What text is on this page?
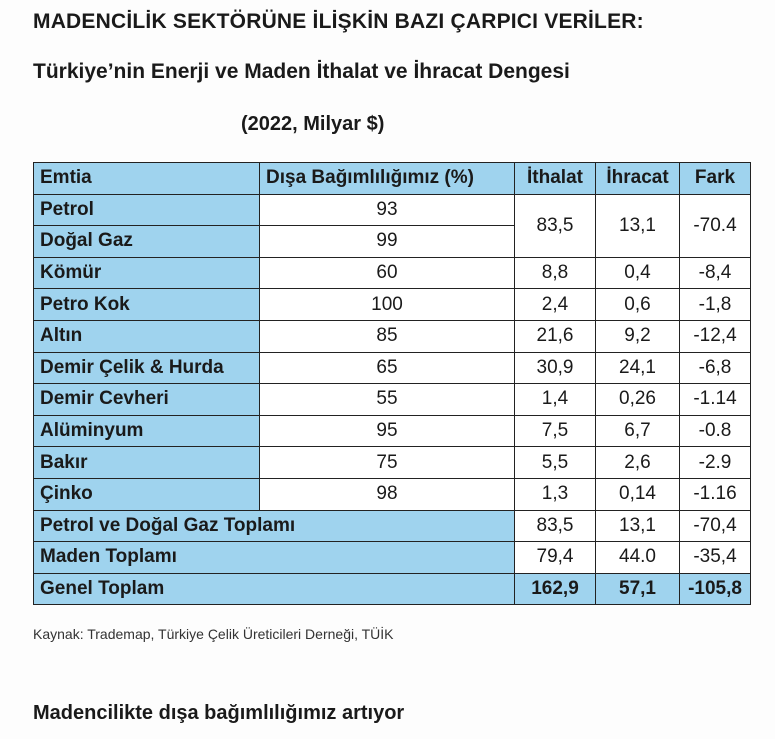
MADENCİLİK SEKTÖRÜNE İLİŞKİN BAZI ÇARPICI VERİLER:
Türkiye’nin Enerji ve Maden İthalat ve İhracat Dengesi
(2022, Milyar $)
Emtia	Dışa Bağımlılığımız (%)	İthalat	İhracat	Fark
Petrol	93	83,5	13,1	-70.4
Doğal Gaz	99			
Kömür	60	8,8	0,4	-8,4
Petro Kok	100	2,4	0,6	-1,8
Altın	85	21,6	9,2	-12,4
Demir Çelik & Hurda	65	30,9	24,1	-6,8
Demir Cevheri	55	1,4	0,26	-1.14
Alüminyum	95	7,5	6,7	-0.8
Bakır	75	5,5	2,6	-2.9
Çinko	98	1,3	0,14	-1.16
Petrol ve Doğal Gaz Toplamı		83,5	13,1	-70,4
Maden Toplamı		79,4	44.0	-35,4
Genel Toplam		162,9	57,1	-105,8
Kaynak: Trademap, Türkiye Çelik Üreticileri Derneği, TÜİK
Madencilikte dışa bağımlılığımız artıyor
